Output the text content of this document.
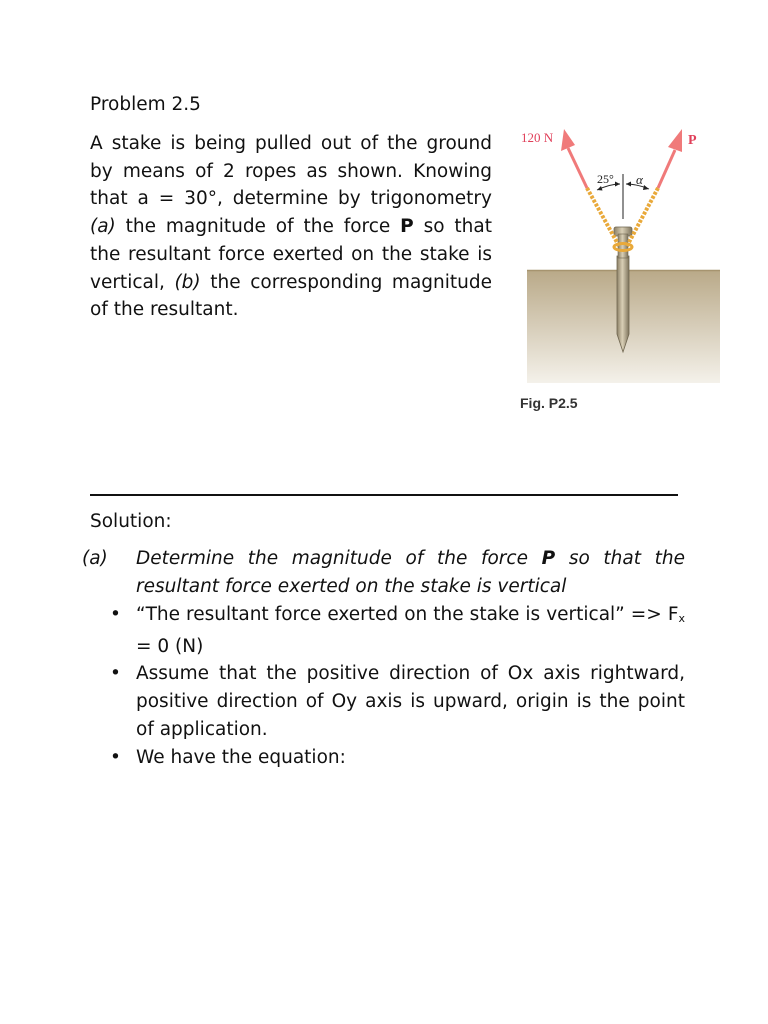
Problem 2.5
A stake is being pulled out of the ground by means of 2 ropes as shown. Knowing that a = 30°, determine by trigonometry (a) the magnitude of the force P so that the resultant force exerted on the stake is vertical, (b) the corresponding magnitude of the resultant.
120 N	P
25° α
Fig. P2.5
Solution:
(a) Determine the magnitude of the force P so that the resultant force exerted on the stake is vertical
• “The resultant force exerted on the stake is vertical” => $F_x = 0$ (N)
• Assume that the positive direction of Ox axis rightward, positive direction of Oy axis is upward, origin is the point of application.
• We have the equation:
